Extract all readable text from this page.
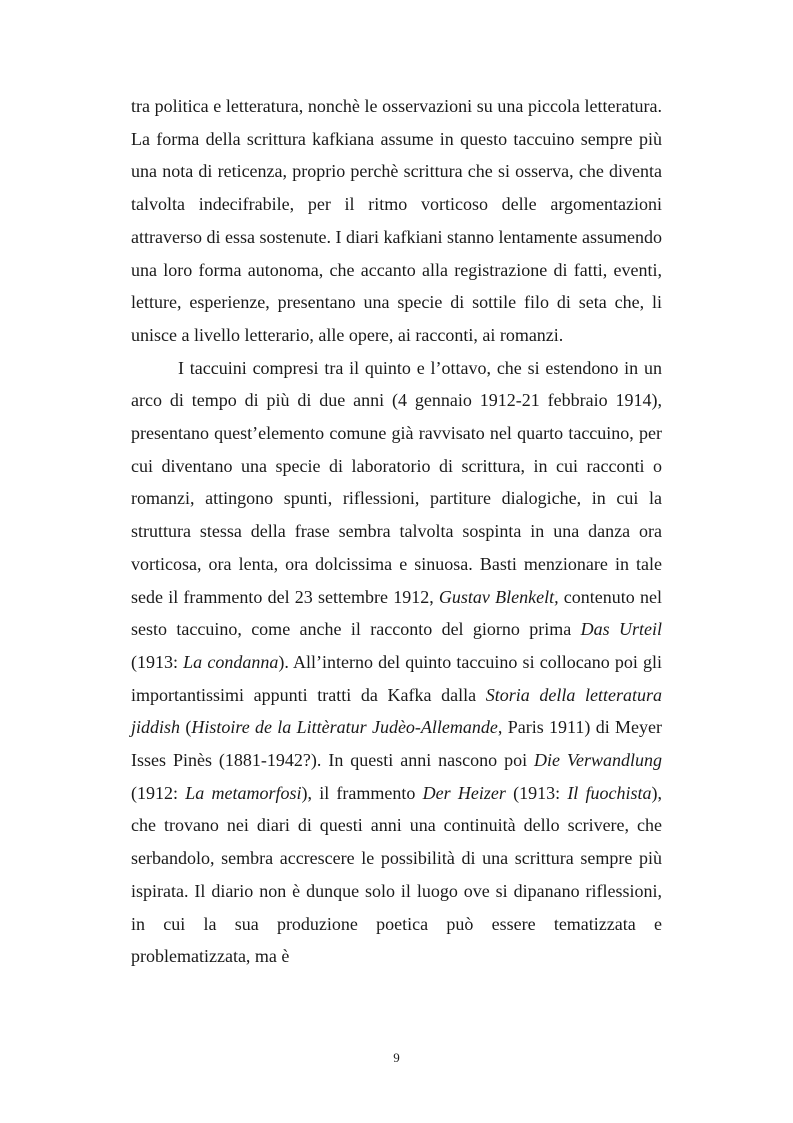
tra politica e letteratura, nonchè le osservazioni su una piccola letteratura. La forma della scrittura kafkiana assume in questo taccuino sempre più una nota di reticenza, proprio perchè scrittura che si osserva, che diventa talvolta indecifrabile, per il ritmo vorticoso delle argomentazioni attraverso di essa sostenute. I diari kafkiani stanno lentamente assumendo una loro forma autonoma, che accanto alla registrazione di fatti, eventi, letture, esperienze, presentano una specie di sottile filo di seta che, li unisce a livello letterario, alle opere, ai racconti, ai romanzi.

I taccuini compresi tra il quinto e l’ottavo, che si estendono in un arco di tempo di più di due anni (4 gennaio 1912-21 febbraio 1914), presentano quest’elemento comune già ravvisato nel quarto taccuino, per cui diventano una specie di laboratorio di scrittura, in cui racconti o romanzi, attingono spunti, riflessioni, partiture dialogiche, in cui la struttura stessa della frase sembra talvolta sospinta in una danza ora vorticosa, ora lenta, ora dolcissima e sinuosa. Basti menzionare in tale sede il frammento del 23 settembre 1912, Gustav Blenkelt, contenuto nel sesto taccuino, come anche il racconto del giorno prima Das Urteil (1913: La condanna). All’interno del quinto taccuino si collocano poi gli importantissimi appunti tratti da Kafka dalla Storia della letteratura jiddish (Histoire de la Littèratur Judèo-Allemande, Paris 1911) di Meyer Isses Pinès (1881-1942?). In questi anni nascono poi Die Verwandlung (1912: La metamorfosi), il frammento Der Heizer (1913: Il fuochista), che trovano nei diari di questi anni una continuità dello scrivere, che serbandolo, sembra accrescere le possibilità di una scrittura sempre più ispirata. Il diario non è dunque solo il luogo ove si dipanano riflessioni, in cui la sua produzione poetica può essere tematizzata e problematizzata, ma è

9
